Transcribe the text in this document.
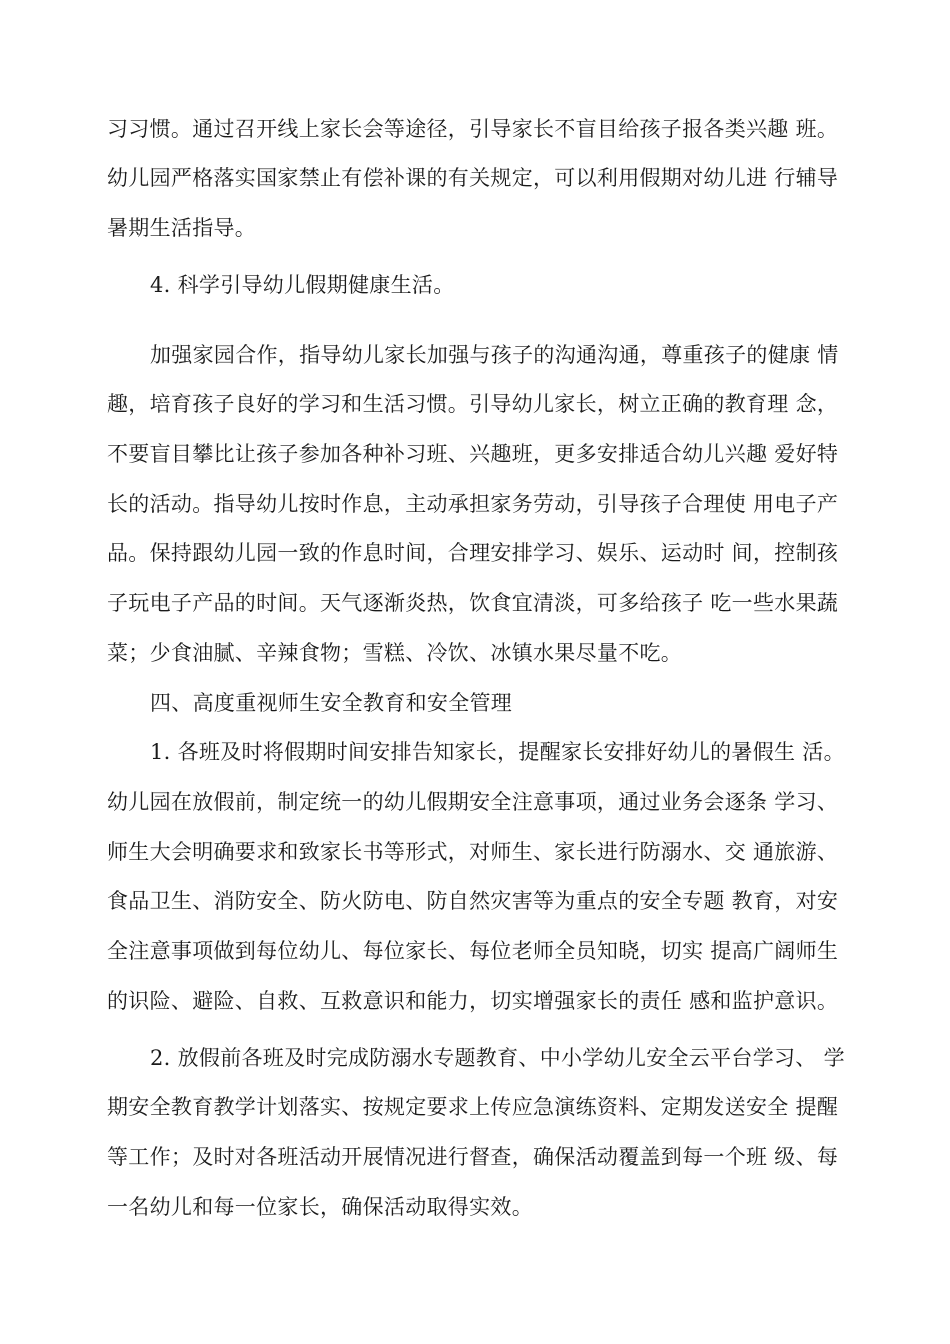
习习惯。通过召开线上家长会等途径，引导家长不盲目给孩子报各类兴趣 班。
幼儿园严格落实国家禁止有偿补课的有关规定，可以利用假期对幼儿进 行辅导
暑期生活指导。
4. 科学引导幼儿假期健康生活。
加强家园合作，指导幼儿家长加强与孩子的沟通沟通，尊重孩子的健康 情
趣，培育孩子良好的学习和生活习惯。引导幼儿家长，树立正确的教育理 念，
不要盲目攀比让孩子参加各种补习班、兴趣班，更多安排适合幼儿兴趣 爱好特
长的活动。指导幼儿按时作息，主动承担家务劳动，引导孩子合理使 用电子产
品。保持跟幼儿园一致的作息时间，合理安排学习、娱乐、运动时 间，控制孩
子玩电子产品的时间。天气逐渐炎热，饮食宜清淡，可多给孩子 吃一些水果蔬
菜；少食油腻、辛辣食物；雪糕、冷饮、冰镇水果尽量不吃。
四、高度重视师生安全教育和安全管理
1. 各班及时将假期时间安排告知家长，提醒家长安排好幼儿的暑假生 活。
幼儿园在放假前，制定统一的幼儿假期安全注意事项，通过业务会逐条 学习、
师生大会明确要求和致家长书等形式，对师生、家长进行防溺水、交 通旅游、
食品卫生、消防安全、防火防电、防自然灾害等为重点的安全专题 教育，对安
全注意事项做到每位幼儿、每位家长、每位老师全员知晓，切实 提高广阔师生
的识险、避险、自救、互救意识和能力，切实增强家长的责任 感和监护意识。
2. 放假前各班及时完成防溺水专题教育、中小学幼儿安全云平台学习、 学
期安全教育教学计划落实、按规定要求上传应急演练资料、定期发送安全 提醒
等工作；及时对各班活动开展情况进行督查，确保活动覆盖到每一个班 级、每
一名幼儿和每一位家长，确保活动取得实效。
